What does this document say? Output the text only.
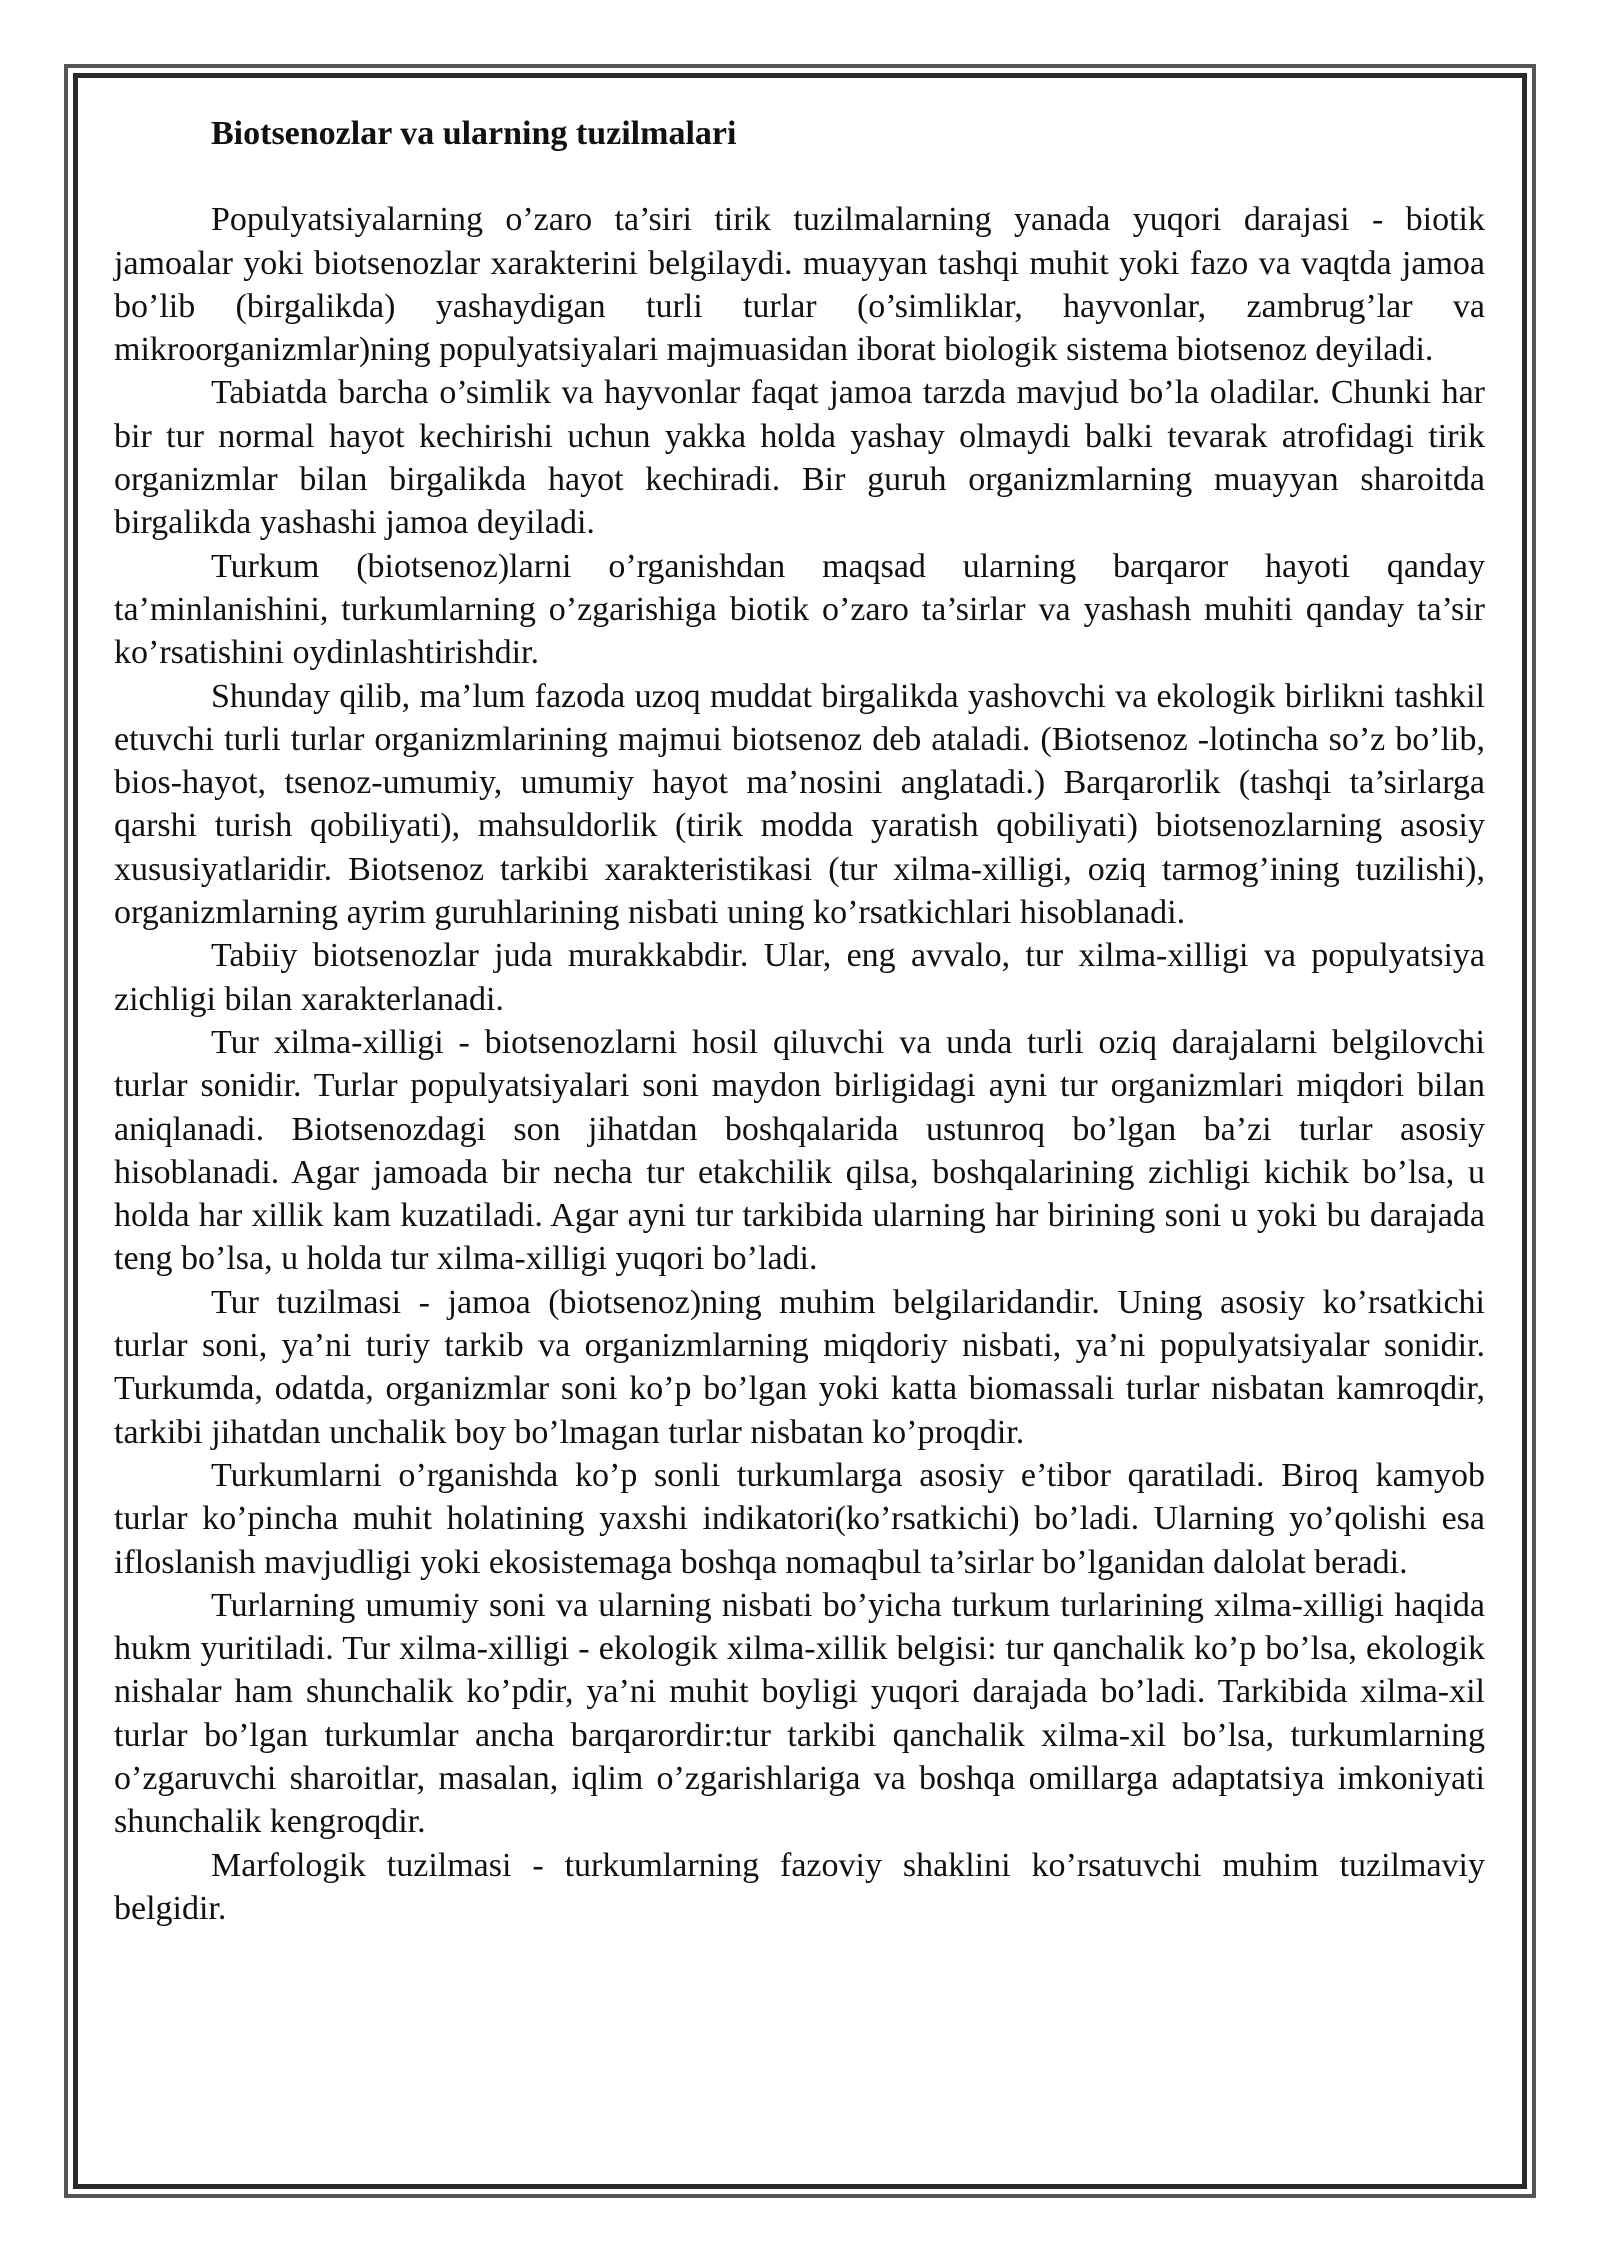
Biotsenozlar va ularning tuzilmalari

Populyatsiyalarning o’zaro ta’siri tirik tuzilmalarning yanada yuqori darajasi - biotik jamoalar yoki biotsenozlar xarakterini belgilaydi. muayyan tashqi muhit yoki fazo va vaqtda jamoa bo’lib (birgalikda) yashaydigan turli turlar (o’simliklar, hayvonlar, zambrug’lar va mikroorganizmlar)ning populyatsiyalari majmuasidan iborat biologik sistema biotsenoz deyiladi.

Tabiatda barcha o’simlik va hayvonlar faqat jamoa tarzda mavjud bo’la oladilar. Chunki har bir tur normal hayot kechirishi uchun yakka holda yashay olmaydi balki tevarak atrofidagi tirik organizmlar bilan birgalikda hayot kechiradi. Bir guruh organizmlarning muayyan sharoitda birgalikda yashashi jamoa deyiladi.

Turkum (biotsenoz)larni o’rganishdan maqsad ularning barqaror hayoti qanday ta’minlanishini, turkumlarning o’zgarishiga biotik o’zaro ta’sirlar va yashash muhiti qanday ta’sir ko’rsatishini oydinlashtirishdir.

Shunday qilib, ma’lum fazoda uzoq muddat birgalikda yashovchi va ekologik birlikni tashkil etuvchi turli turlar organizmlarining majmui biotsenoz deb ataladi. (Biotsenoz -lotincha so’z bo’lib, bios-hayot, tsenoz-umumiy, umumiy hayot ma’nosini anglatadi.) Barqarorlik (tashqi ta’sirlarga qarshi turish qobiliyati), mahsuldorlik (tirik modda yaratish qobiliyati) biotsenozlarning asosiy xususiyatlaridir. Biotsenoz tarkibi xarakteristikasi (tur xilma-xilligi, oziq tarmog’ining tuzilishi), organizmlarning ayrim guruhlarining nisbati uning ko’rsatkichlari hisoblanadi.

Tabiiy biotsenozlar juda murakkabdir. Ular, eng avvalo, tur xilma-xilligi va populyatsiya zichligi bilan xarakterlanadi.

Tur xilma-xilligi - biotsenozlarni hosil qiluvchi va unda turli oziq darajalarni belgilovchi turlar sonidir. Turlar populyatsiyalari soni maydon birligidagi ayni tur organizmlari miqdori bilan aniqlanadi. Biotsenozdagi son jihatdan boshqalarida ustunroq bo’lgan ba’zi turlar asosiy hisoblanadi. Agar jamoada bir necha tur etakchilik qilsa, boshqalarining zichligi kichik bo’lsa, u holda har xillik kam kuzatiladi. Agar ayni tur tarkibida ularning har birining soni u yoki bu darajada teng bo’lsa, u holda tur xilma-xilligi yuqori bo’ladi.

Tur tuzilmasi - jamoa (biotsenoz)ning muhim belgilaridandir. Uning asosiy ko’rsatkichi turlar soni, ya’ni turiy tarkib va organizmlarning miqdoriy nisbati, ya’ni populyatsiyalar sonidir. Turkumda, odatda, organizmlar soni ko’p bo’lgan yoki katta biomassali turlar nisbatan kamroqdir, tarkibi jihatdan unchalik boy bo’lmagan turlar nisbatan ko’proqdir.

Turkumlarni o’rganishda ko’p sonli turkumlarga asosiy e’tibor qaratiladi. Biroq kamyob turlar ko’pincha muhit holatining yaxshi indikatori(ko’rsatkichi) bo’ladi. Ularning yo’qolishi esa ifloslanish mavjudligi yoki ekosistemaga boshqa nomaqbul ta’sirlar bo’lganidan dalolat beradi.

Turlarning umumiy soni va ularning nisbati bo’yicha turkum turlarining xilma-xilligi haqida hukm yuritiladi. Tur xilma-xilligi - ekologik xilma-xillik belgisi: tur qanchalik ko’p bo’lsa, ekologik nishalar ham shunchalik ko’pdir, ya’ni muhit boyligi yuqori darajada bo’ladi. Tarkibida xilma-xil turlar bo’lgan turkumlar ancha barqarordir:tur tarkibi qanchalik xilma-xil bo’lsa, turkumlarning o’zgaruvchi sharoitlar, masalan, iqlim o’zgarishlariga va boshqa omillarga adaptatsiya imkoniyati shunchalik kengroqdir.

Marfologik tuzilmasi - turkumlarning fazoviy shaklini ko’rsatuvchi muhim tuzilmaviy belgidir.
